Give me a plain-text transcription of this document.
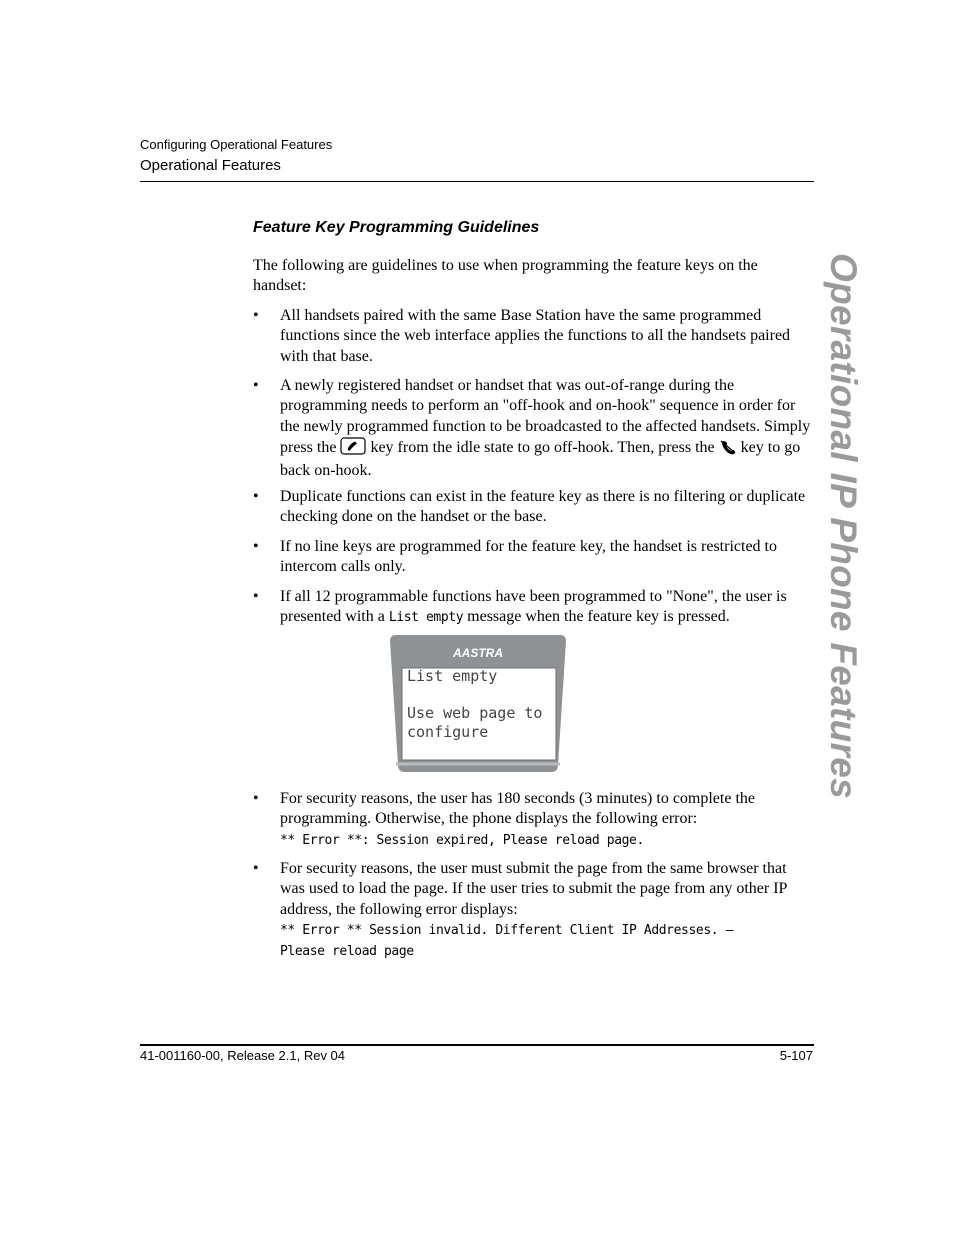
Configuring Operational Features
Operational Features
Feature Key Programming Guidelines
The following are guidelines to use when programming the feature keys on the handset:
• All handsets paired with the same Base Station have the same programmed functions since the web interface applies the functions to all the handsets paired with that base.
• A newly registered handset or handset that was out-of-range during the programming needs to perform an "off-hook and on-hook" sequence in order for the newly programmed function to be broadcasted to the affected handsets. Simply press the key from the idle state to go off-hook. Then, press the key to go back on-hook.
• Duplicate functions can exist in the feature key as there is no filtering or duplicate checking done on the handset or the base.
• If no line keys are programmed for the feature key, the handset is restricted to intercom calls only.
• If all 12 programmable functions have been programmed to "None", the user is presented with a List empty message when the feature key is pressed.
AASTRA
List empty

Use web page to
configure
• For security reasons, the user has 180 seconds (3 minutes) to complete the programming. Otherwise, the phone displays the following error:
** Error **: Session expired, Please reload page.
• For security reasons, the user must submit the page from the same browser that was used to load the page. If the user tries to submit the page from any other IP address, the following error displays:
** Error ** Session invalid. Different Client IP Addresses. —
Please reload page
Operational IP Phone Features
41-001160-00, Release 2.1, Rev 04	5-107
